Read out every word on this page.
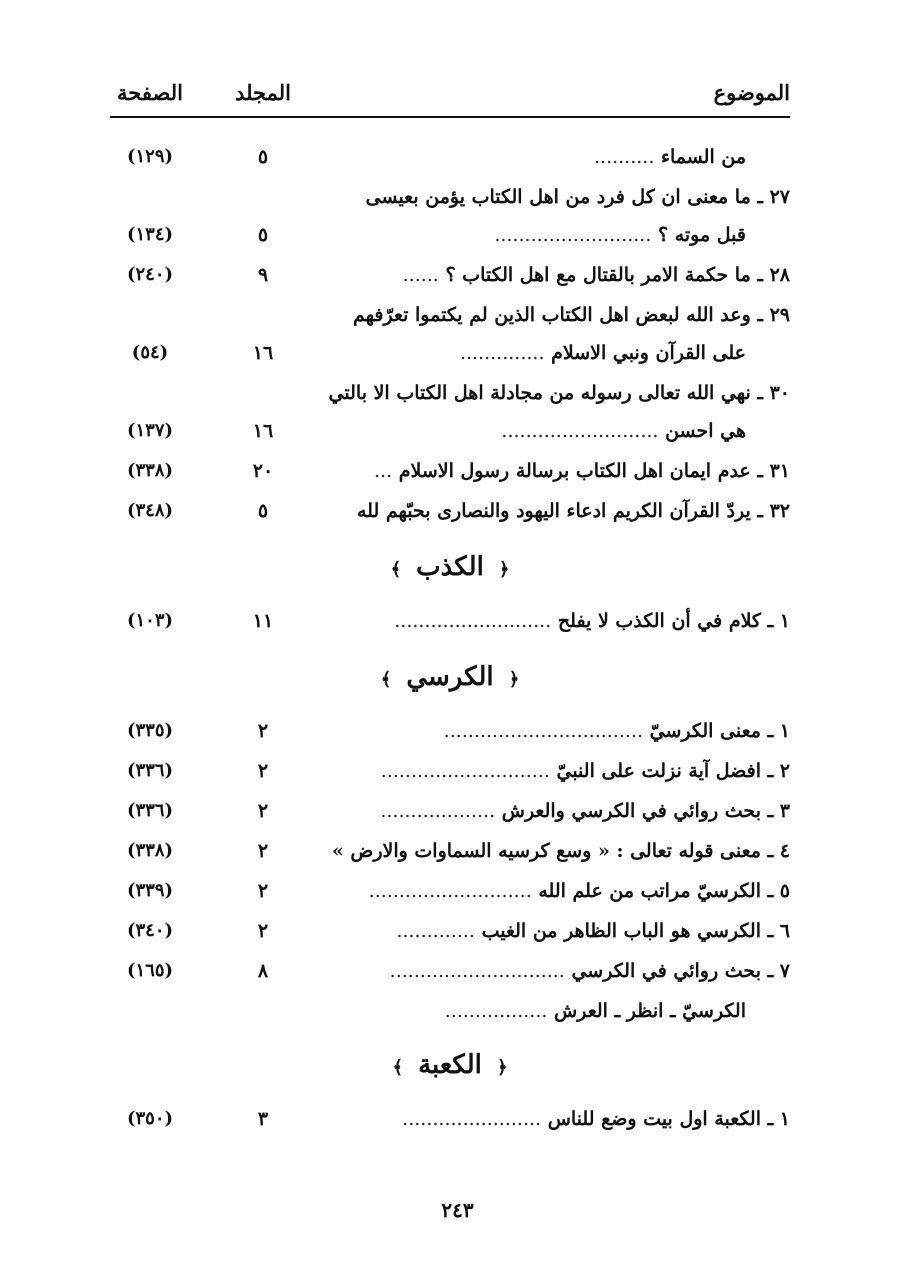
الموضوع
المجلد
الصفحة
من السماء ..........
٥
(١٢٩)
٢٧ ـ ما معنى ان كل فرد من اهل الكتاب يؤمن بعيسى
قبل موته ؟ ..........................
٥
(١٣٤)
٢٨ ـ ما حكمة الامر بالقتال مع اهل الكتاب ؟ ......
٩
(٢٤٠)
٢٩ ـ وعد الله لبعض اهل الكتاب الذين لم يكتموا تعرّفهم
على القرآن ونبي الاسلام ..............
١٦
(٥٤)
٣٠ ـ نهي الله تعالى رسوله من مجادلة اهل الكتاب الا بالتي
هي احسن ..........................
١٦
(١٣٧)
٣١ ـ عدم ايمان اهل الكتاب برسالة رسول الاسلام ...
٢٠
(٣٣٨)
٣٢ ـ يردّ القرآن الكريم ادعاء اليهود والنصارى بحبّهم لله
٥
(٣٤٨)
﴿ الكذب ﴾
١ ـ كلام في أن الكذب لا يفلح ..........................
١١
(١٠٣)
﴿ الكرسي ﴾
١ ـ معنى الكرسيّ .................................
٢
(٣٣٥)
٢ ـ افضل آية نزلت على النبيّ ............................
٢
(٣٣٦)
٣ ـ بحث روائي في الكرسي والعرش ...................
٢
(٣٣٦)
٤ ـ معنى قوله تعالى : « وسع كرسيه السماوات والارض »
٢
(٣٣٨)
٥ ـ الكرسيّ مراتب من علم الله ...........................
٢
(٣٣٩)
٦ ـ الكرسي هو الباب الظاهر من الغيب .............
٢
(٣٤٠)
٧ ـ بحث روائي في الكرسي .............................
٨
(١٦٥)
الكرسيّ ـ انظر ـ العرش .................
﴿ الكعبة ﴾
١ ـ الكعبة اول بيت وضع للناس .......................
٣
(٣٥٠)
٢٤٣
